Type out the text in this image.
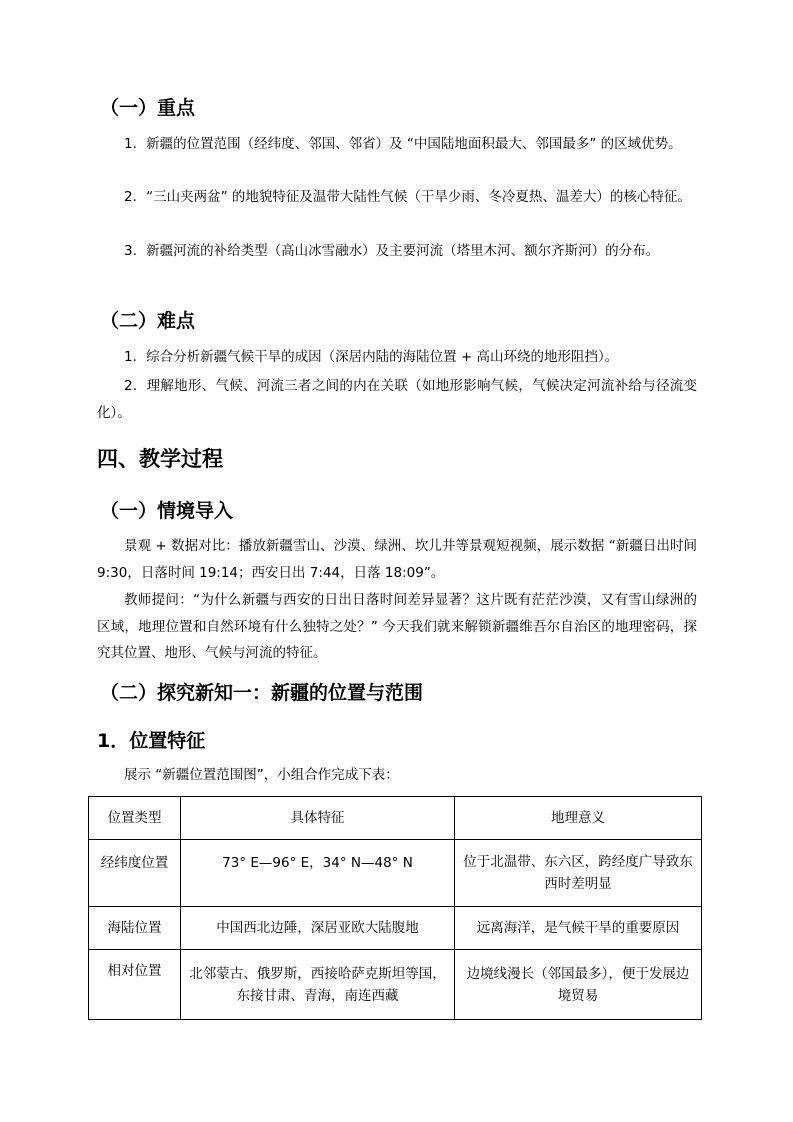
（一）重点

1．新疆的位置范围（经纬度、邻国、邻省）及 “中国陆地面积最大、邻国最多” 的区域优势。

2．“三山夹两盆” 的地貌特征及温带大陆性气候（干旱少雨、冬冷夏热、温差大）的核心特征。

3．新疆河流的补给类型（高山冰雪融水）及主要河流（塔里木河、额尔齐斯河）的分布。

（二）难点

1．综合分析新疆气候干旱的成因（深居内陆的海陆位置 + 高山环绕的地形阻挡）。

2．理解地形、气候、河流三者之间的内在关联（如地形影响气候，气候决定河流补给与径流变化）。

四、教学过程
（一）情境导入

景观 + 数据对比：播放新疆雪山、沙漠、绿洲、坎儿井等景观短视频，展示数据 “新疆日出时间 9:30，日落时间 19:14；西安日出 7:44，日落 18:09”。

教师提问：“为什么新疆与西安的日出日落时间差异显著？这片既有茫茫沙漠，又有雪山绿洲的区域，地理位置和自然环境有什么独特之处？” 今天我们就来解锁新疆维吾尔自治区的地理密码，探究其位置、地形、气候与河流的特征。

（二）探究新知一：新疆的位置与范围
1．位置特征

展示 “新疆位置范围图”，小组合作完成下表：

位置类型	具体特征	地理意义
经纬度位置	73° E—96° E，34° N—48° N	位于北温带、东六区，跨经度广导致东西时差明显
海陆位置	中国西北边陲，深居亚欧大陆腹地	远离海洋，是气候干旱的重要原因
相对位置	北邻蒙古、俄罗斯，西接哈萨克斯坦等国，东接甘肃、青海，南连西藏	边境线漫长（邻国最多），便于发展边境贸易
